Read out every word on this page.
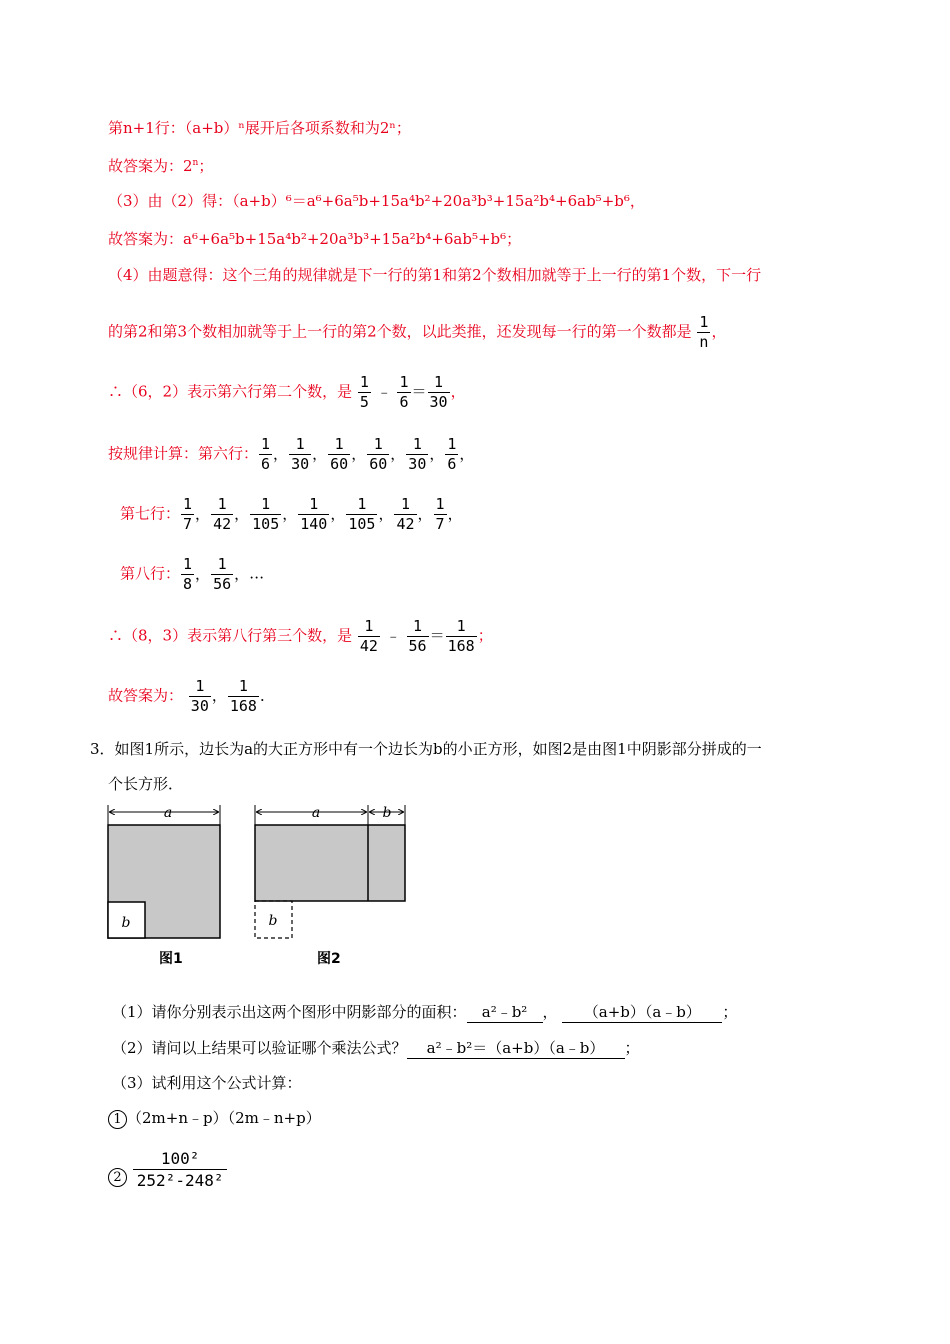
第n+1行：（a+b）ⁿ展开后各项系数和为2ⁿ；
故答案为：2$^n$；
（3）由（2）得：（a+b）⁶＝a⁶+6a⁵b+15a⁴b²+20a³b³+15a²b⁴+6ab⁵+b⁶，
故答案为：a⁶+6a⁵b+15a⁴b²+20a³b³+15a²b⁴+6ab⁵+b⁶；
（4）由题意得：这个三角的规律就是下一行的第1和第2个数相加就等于上一行的第1个数，下一行
的第2和第3个数相加就等于上一行的第2个数，以此类推，还发现每一行的第一个数都是 $\frac{1}{n}$ ，
∴（6，2）表示第六行第二个数，是 $\frac{1}{5}$ ﹣ $\frac{1}{6} = \frac{1}{30}$ ，
按规律计算：第六行： $\frac{1}{6}$ ， $\frac{1}{30}$ ， $\frac{1}{60}$ ， $\frac{1}{60}$ ， $\frac{1}{30}$ ， $\frac{1}{6}$ ，
第七行： $\frac{1}{7}$ ， $\frac{1}{42}$ ， $\frac{1}{105}$ ， $\frac{1}{140}$ ， $\frac{1}{105}$ ， $\frac{1}{42}$ ， $\frac{1}{7}$ ，
第八行： $\frac{1}{8}$ ， $\frac{1}{56}$ ，…
∴（8，3）表示第八行第三个数，是 $\frac{1}{42}$ ﹣ $\frac{1}{56} = \frac{1}{168}$ ；
故答案为： $\frac{1}{30}$ ， $\frac{1}{168}$ ．
3．如图1所示，边长为a的大正方形中有一个边长为b的小正方形，如图2是由图1中阴影部分拼成的一
个长方形．
a
b
a	b
b
图1	图2
（1）请你分别表示出这两个图形中阴影部分的面积： a²﹣b² ， （a+b）（a﹣b） ；
（2）请问以上结果可以验证哪个乘法公式？ a²﹣b²＝（a+b）（a﹣b） ；
（3）试利用这个公式计算：
1 （2m+n﹣p）（2m﹣n+p）
$2 \frac{\text{100²}}{\text{252²-248²}}$
